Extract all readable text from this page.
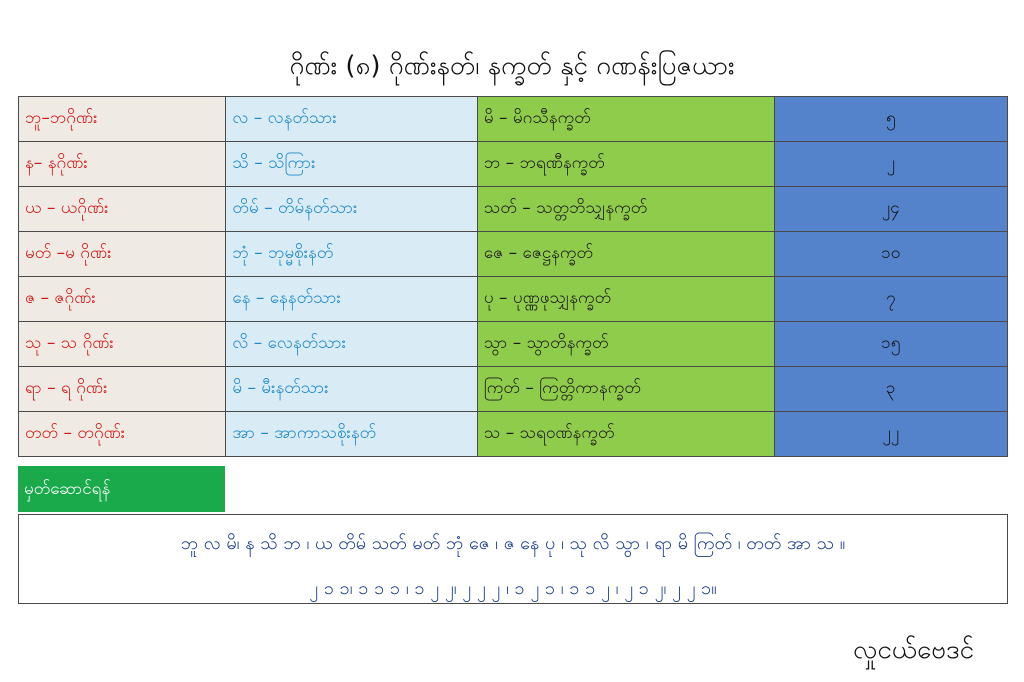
ဂိုဏ်း (၈) ဂိုဏ်းနတ်၊ နက္ခတ် နှင့် ဂဏန်းပြဇယား
ဘူ–ဘဂိုဏ်း	လ – လနတ်သား	မိ – မိဂသီနက္ခတ်	၅
န– နဂိုဏ်း	သိ – သိကြား	ဘ – ဘရဏီနက္ခတ်	၂
ယ – ယဂိုဏ်း	တိမ် – တိမ်နတ်သား	သတ် – သတ္တဘိသျှနက္ခတ်	၂၄
မတ် –မ ဂိုဏ်း	ဘုံ – ဘုမ္မစိုးနတ်	ဇေ – ဇေဋ္ဌနက္ခတ်	၁၀
ဇ – ဇဂိုဏ်း	နေ – နေနတ်သား	ပု – ပုဏ္ဏဖုသျှနက္ခတ်	၇
သု – သ ဂိုဏ်း	လိ – လေနတ်သား	သွာ – သွာတိနက္ခတ်	၁၅
ရာ – ရ ဂိုဏ်း	မိ – မီးနတ်သား	ကြတ် – ကြတ္တိကာနက္ခတ်	၃
တတ် – တဂိုဏ်း	အာ – အာကာသစိုးနတ်	သ – သရဝဏ်နက္ခတ်	၂၂
မှတ်ဆောင်ရန်
ဘူ လ မိ၊ န သိ ဘ ၊ ယ တိမ် သတ် မတ် ဘုံ ဇေ ၊ ဇ နေ ပု ၊ သု လိ သွာ ၊ ရာ မိ ကြတ် ၊ တတ် အာ သ ။
၂ ၁ ၁၊ ၁ ၁ ၁ ၊ ၁ ၂ ၂၊ ၂ ၂ ၂ ၊ ၁ ၂ ၁ ၊ ၁ ၁ ၂ ၊ ၂ ၁ ၂၊ ၂ ၂ ၁။
လှုငယ်ဗေဒင်
